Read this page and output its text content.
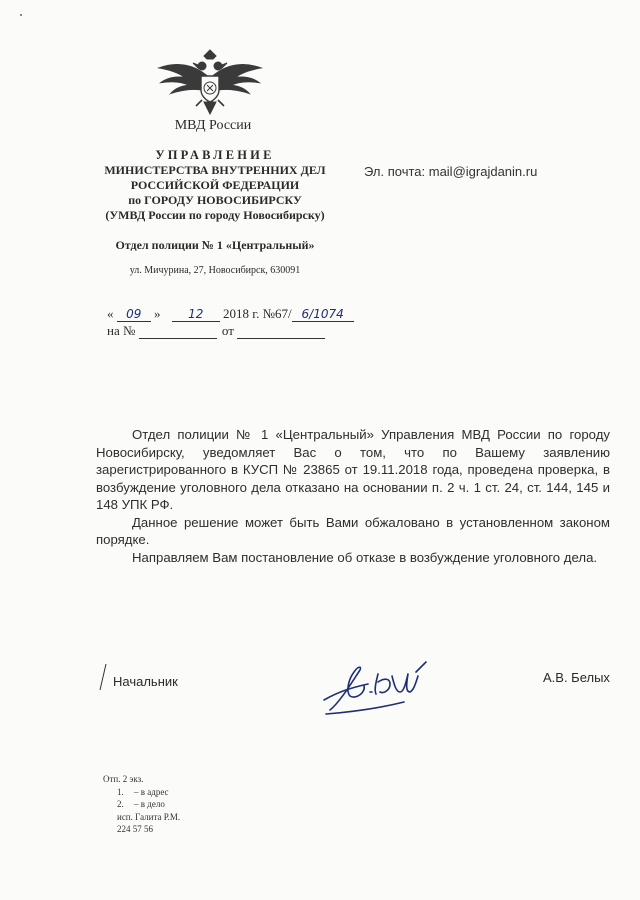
МВД России
УПРАВЛЕНИЕ
МИНИСТЕРСТВА ВНУТРЕННИХ ДЕЛ
РОССИЙСКОЙ ФЕДЕРАЦИИ
по ГОРОДУ НОВОСИБИРСКУ
(УМВД России по городу Новосибирску)
Отдел полиции № 1 «Центральный»
ул. Мичурина, 27, Новосибирск, 630091
Эл. почта: mail@igrajdanin.ru
« 09 » 12 2018 г. №67/ 6/1074
на №	от

Отдел полиции № 1 «Центральный» Управления МВД России по городу Новосибирску, уведомляет Вас о том, что по Вашему заявлению зарегистрированного в КУСП № 23865 от 19.11.2018 года, проведена проверка, в возбуждение уголовного дела отказано на основании п. 2 ч. 1 ст. 24, ст. 144, 145 и 148 УПК РФ.

Данное решение может быть Вами обжаловано в установленном законом порядке.

Направляем Вам постановление об отказе в возбуждение уголовного дела.

Начальник	А.В. Белых
Отп. 2 экз.
1. – в адрес
2. – в дело
исп. Галита Р.М.
224 57 56
